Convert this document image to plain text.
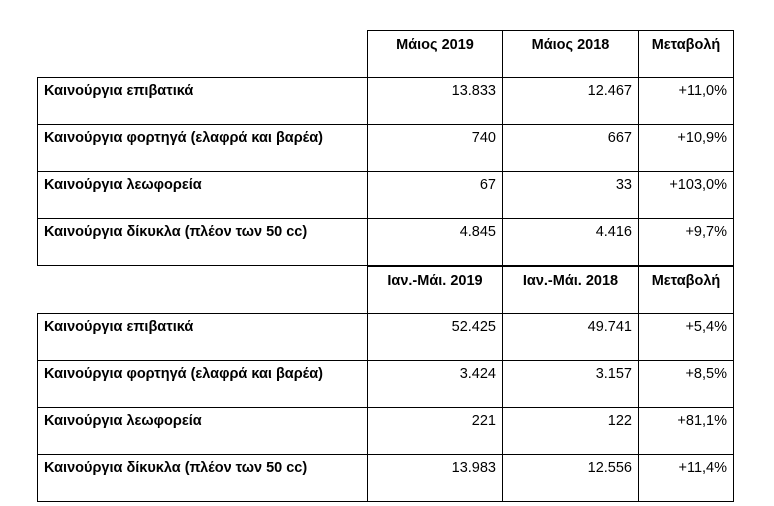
	Μάιος 2019	Μάιος 2018	Μεταβολή
Καινούργια επιβατικά	13.833	12.467	+11,0%
Καινούργια φορτηγά (ελαφρά και βαρέα)	740	667	+10,9%
Καινούργια λεωφορεία	67	33	+103,0%
Καινούργια δίκυκλα (πλέον των 50 cc)	4.845	4.416	+9,7%
	Ιαν.-Μάι. 2019	Ιαν.-Μάι. 2018	Μεταβολή
Καινούργια επιβατικά	52.425	49.741	+5,4%
Καινούργια φορτηγά (ελαφρά και βαρέα)	3.424	3.157	+8,5%
Καινούργια λεωφορεία	221	122	+81,1%
Καινούργια δίκυκλα (πλέον των 50 cc)	13.983	12.556	+11,4%
